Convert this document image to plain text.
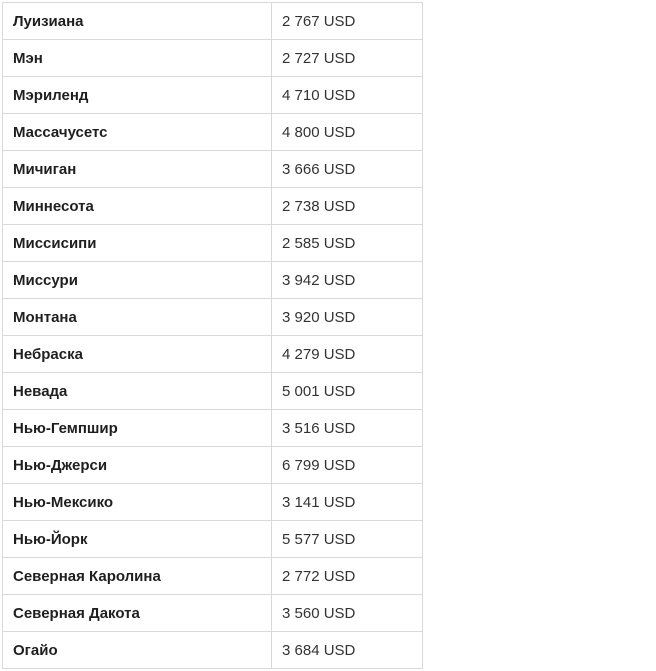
Луизиана	2 767 USD
Мэн	2 727 USD
Мэриленд	4 710 USD
Массачусетс	4 800 USD
Мичиган	3 666 USD
Миннесота	2 738 USD
Миссисипи	2 585 USD
Миссури	3 942 USD
Монтана	3 920 USD
Небраска	4 279 USD
Невада	5 001 USD
Нью-Гемпшир	3 516 USD
Нью-Джерси	6 799 USD
Нью-Мексико	3 141 USD
Нью-Йорк	5 577 USD
Северная Каролина	2 772 USD
Северная Дакота	3 560 USD
Огайо	3 684 USD
